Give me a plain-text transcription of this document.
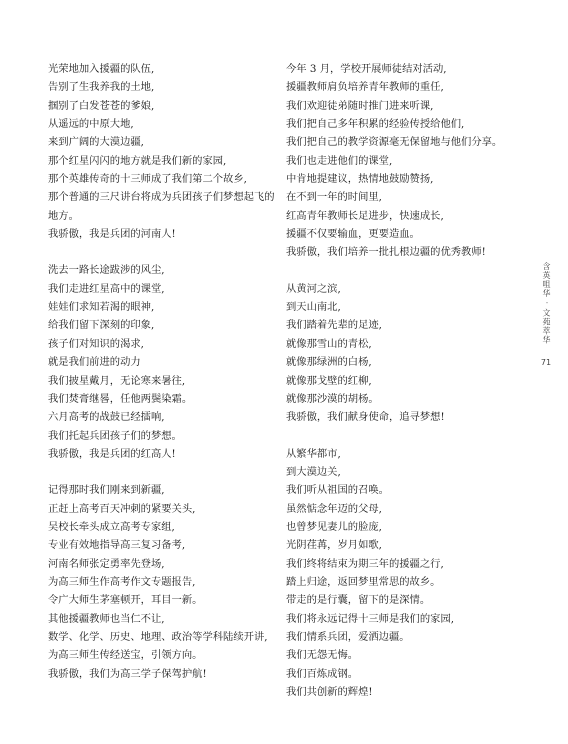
光荣地加入援疆的队伍,
告别了生我养我的土地,
掴别了白发苍苍的爹娘,
从遥远的中原大地,
来到广阔的大漠边疆,
那个红星闪闪的地方就是我们新的家园,
那个英雄传奇的十三师成了我们第二个故乡,
那个普通的三尺讲台将成为兵团孩子们梦想起飞的地方。
我骄傲，我是兵团的河南人!
洗去一路长途跋涉的风尘,
我们走进红星高中的课堂,
娃娃们求知若渴的眼神,
给我们留下深刻的印象,
孩子们对知识的渴求,
就是我们前进的动力
我们披星戴月，无论寒来暑往,
我们焚膏继晷，任他两鬓染霜。
六月高考的战鼓已经擂响,
我们托起兵团孩子们的梦想。
我骄傲，我是兵团的红高人!
记得那时我们刚来到新疆,
正赶上高考百天冲刺的紧要关头,
吴校长牵头成立高考专家组,
专业有效地指导高三复习备考,
河南名师张定勇率先登场,
为高三师生作高考作文专题报告,
令广大师生茅塞顿开，耳目一新。
其他援疆教师也当仁不让,
数学、化学、历史、地理、政治等学科陆续开讲,
为高三师生传经送宝，引领方向。
我骄傲，我们为高三学子保驾护航!
今年 3 月，学校开展师徒结对活动,
援疆教师肩负培养青年教师的重任,
我们欢迎徒弟随时推门进来听课,
我们把自己多年积累的经验传授给他们,
我们把自己的教学资源毫无保留地与他们分享。
我们也走进他们的课堂,
中肯地提建议，热情地鼓励赞扬,
在不到一年的时间里,
红高青年教师长足进步，快速成长,
援疆不仅要输血，更要造血。
我骄傲，我们培养一批扎根边疆的优秀教师!
从黄河之滨,
到天山南北,
我们踏着先辈的足迹,
就像那雪山的青松,
就像那绿洲的白杨,
就像那戈壁的红柳,
就像那沙漠的胡杨。
我骄傲，我们献身使命，追寻梦想!
从繁华都市,
到大漠边关,
我们听从祖国的召唤。
虽然惦念年迈的父母,
也曾梦见妻儿的脸庞,
光阴荏苒，岁月如歌,
我们终将结束为期三年的援疆之行,
踏上归途，返回梦里常思的故乡。
带走的是行囊，留下的是深情。
我们将永远记得十三师是我们的家园,
我们情系兵团，爱洒边疆。
我们无怨无悔。
我们百炼成钢。
我们共创新的辉煌!
含英咀华 · 文苑萃华
71
